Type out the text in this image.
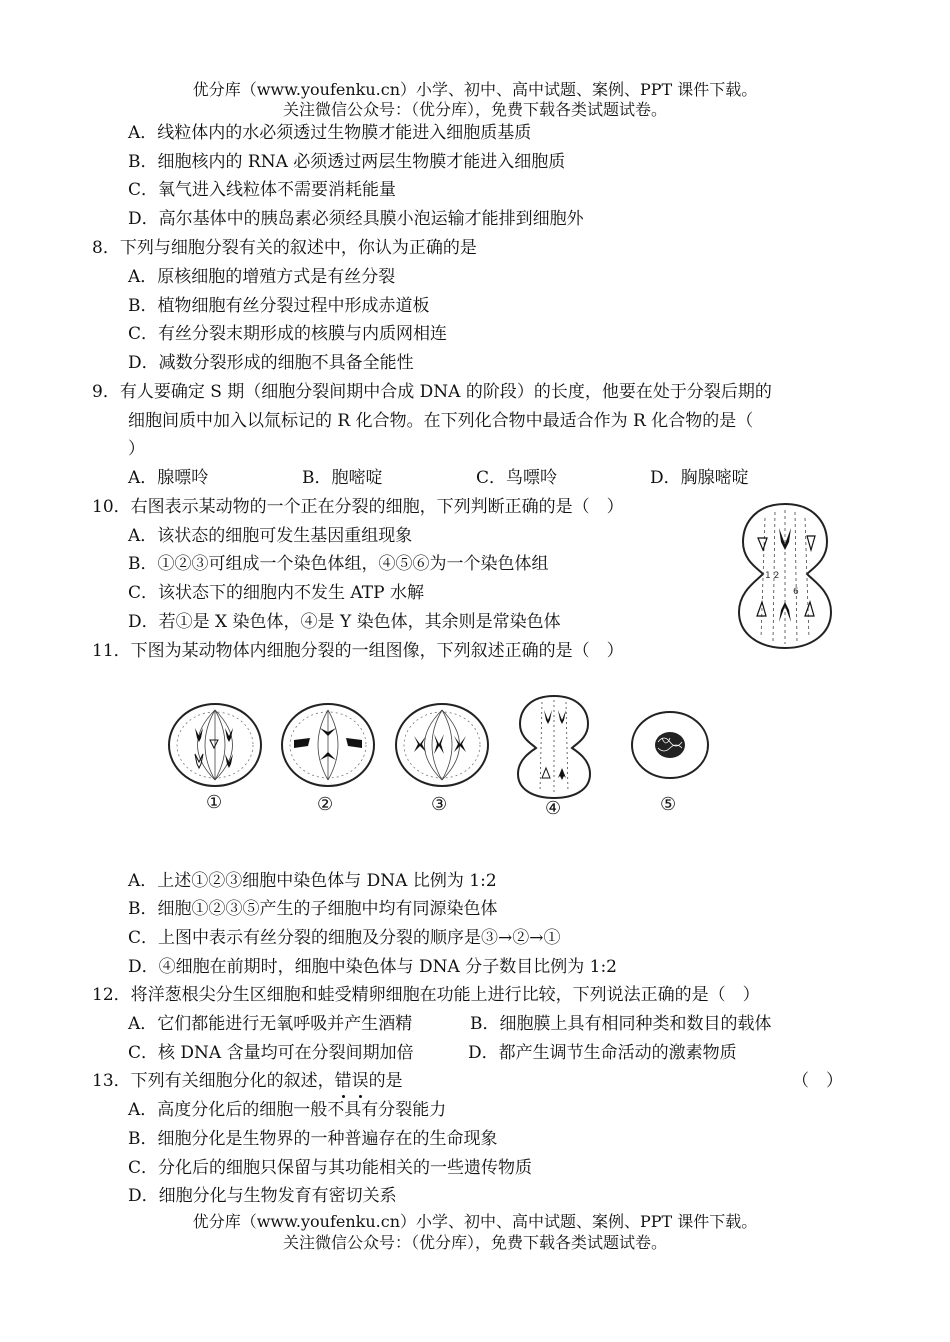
优分库（www.youfenku.cn）小学、初中、高中试题、案例、PPT 课件下载。
关注微信公众号：（优分库），免费下载各类试题试卷。
A．线粒体内的水必须透过生物膜才能进入细胞质基质
B．细胞核内的 RNA 必须透过两层生物膜才能进入细胞质
C．氧气进入线粒体不需要消耗能量
D．高尔基体中的胰岛素必须经具膜小泡运输才能排到细胞外
8．下列与细胞分裂有关的叙述中，你认为正确的是
A．原核细胞的增殖方式是有丝分裂
B．植物细胞有丝分裂过程中形成赤道板
C．有丝分裂末期形成的核膜与内质网相连
D．减数分裂形成的细胞不具备全能性
9．有人要确定 S 期（细胞分裂间期中合成 DNA 的阶段）的长度，他要在处于分裂后期的
细胞间质中加入以氚标记的 R 化合物。在下列化合物中最适合作为 R 化合物的是（
）
A．腺嘌呤	B．胞嘧啶	C．鸟嘌呤	D．胸腺嘧啶
10．右图表示某动物的一个正在分裂的细胞，下列判断正确的是（　）
A．该状态的细胞可发生基因重组现象
B．①②③可组成一个染色体组，④⑤⑥为一个染色体组
C．该状态下的细胞内不发生 ATP 水解
D．若①是 X 染色体，④是 Y 染色体，其余则是常染色体
1 2
6
11．下图为某动物体内细胞分裂的一组图像，下列叙述正确的是（　）
①	②	③	④	⑤
A．上述①②③细胞中染色体与 DNA 比例为 1:2
B．细胞①②③⑤产生的子细胞中均有同源染色体
C．上图中表示有丝分裂的细胞及分裂的顺序是③→②→①
D．④细胞在前期时，细胞中染色体与 DNA 分子数目比例为 1:2
12．将洋葱根尖分生区细胞和蛙受精卵细胞在功能上进行比较，下列说法正确的是（　）
A．它们都能进行无氧呼吸并产生酒精	B．细胞膜上具有相同种类和数目的载体
C．核 DNA 含量均可在分裂间期加倍	D．都产生调节生命活动的激素物质
13．下列有关细胞分化的叙述，错误的是	（　）
A．高度分化后的细胞一般不具有分裂能力
B．细胞分化是生物界的一种普遍存在的生命现象
C．分化后的细胞只保留与其功能相关的一些遗传物质
D．细胞分化与生物发育有密切关系
优分库（www.youfenku.cn）小学、初中、高中试题、案例、PPT 课件下载。
关注微信公众号：（优分库），免费下载各类试题试卷。
